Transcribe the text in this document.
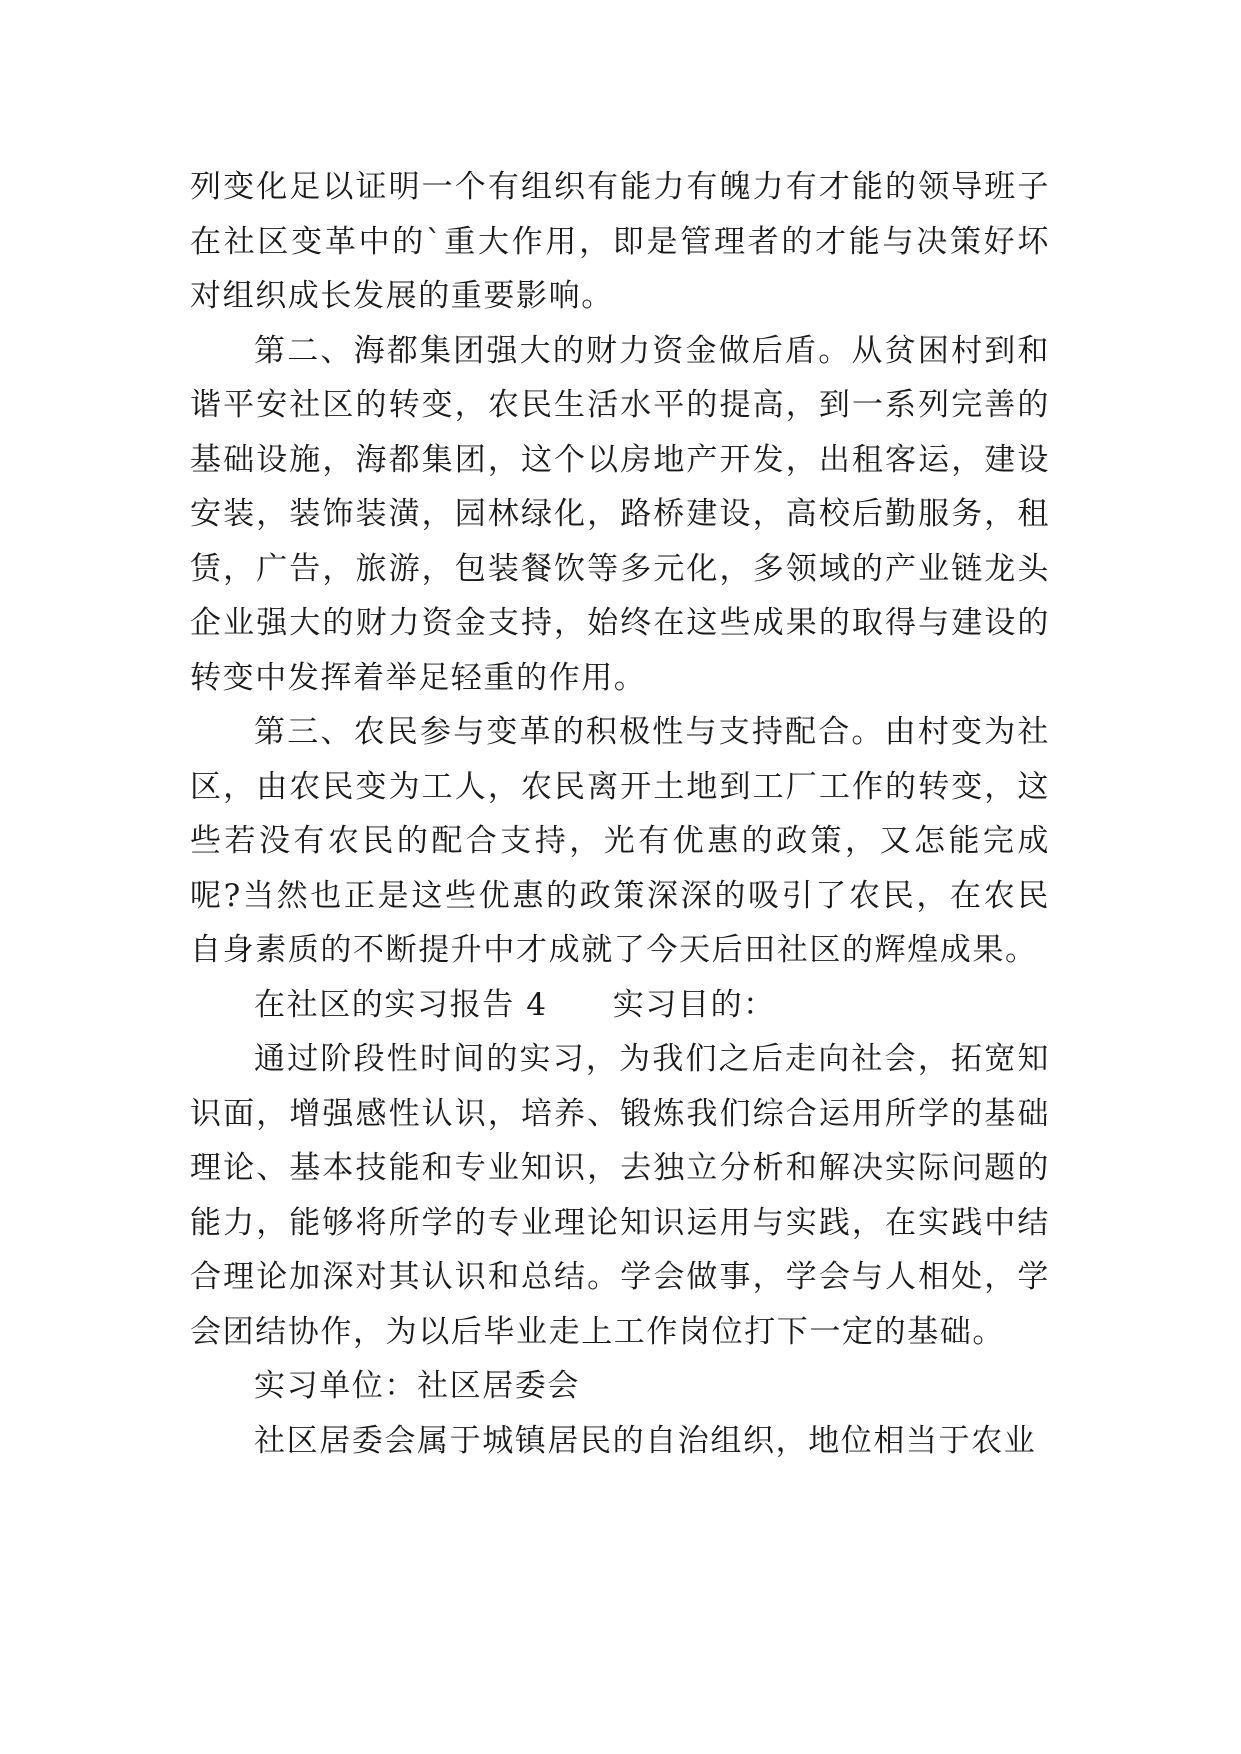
列变化足以证明一个有组织有能力有魄力有才能的领导班子在社区变革中的`重大作用，即是管理者的才能与决策好坏对组织成长发展的重要影响。

第二、海都集团强大的财力资金做后盾。从贫困村到和谐平安社区的转变，农民生活水平的提高，到一系列完善的基础设施，海都集团，这个以房地产开发，出租客运，建设安装，装饰装潢，园林绿化，路桥建设，高校后勤服务，租赁，广告，旅游，包装餐饮等多元化，多领域的产业链龙头企业强大的财力资金支持，始终在这些成果的取得与建设的转变中发挥着举足轻重的作用。

第三、农民参与变革的积极性与支持配合。由村变为社区，由农民变为工人，农民离开土地到工厂工作的转变，这些若没有农民的配合支持，光有优惠的政策，又怎能完成呢?当然也正是这些优惠的政策深深的吸引了农民，在农民自身素质的不断提升中才成就了今天后田社区的辉煌成果。

在社区的实习报告 4　　实习目的：

通过阶段性时间的实习，为我们之后走向社会，拓宽知识面，增强感性认识，培养、锻炼我们综合运用所学的基础理论、基本技能和专业知识，去独立分析和解决实际问题的能力，能够将所学的专业理论知识运用与实践，在实践中结合理论加深对其认识和总结。学会做事，学会与人相处，学会团结协作，为以后毕业走上工作岗位打下一定的基础。

实习单位：社区居委会

社区居委会属于城镇居民的自治组织，地位相当于农业
